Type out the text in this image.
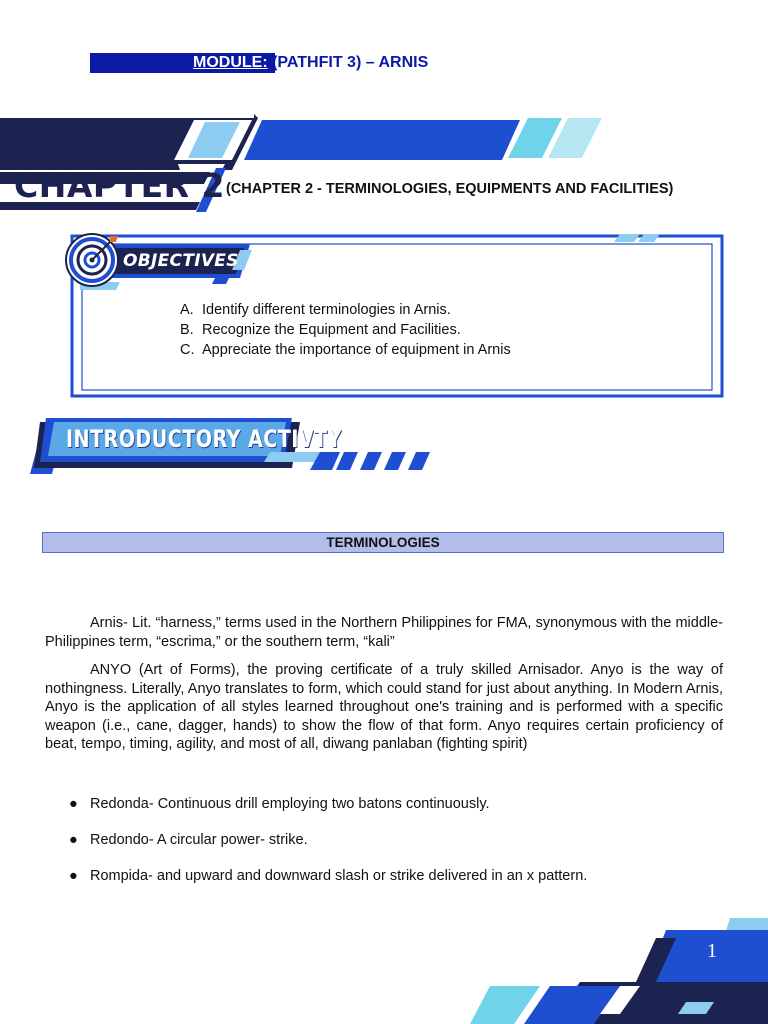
MODULE: (PATHFIT 3) – ARNIS
CHAPTER 2 (CHAPTER 2 - TERMINOLOGIES, EQUIPMENTS AND FACILITIES)
OBJECTIVES
A. Identify different terminologies in Arnis.
B. Recognize the Equipment and Facilities.
C. Appreciate the importance of equipment in Arnis
INTRODUCTORY ACTIVTY
TERMINOLOGIES

Arnis- Lit. “harness,” terms used in the Northern Philippines for FMA, synonymous with the middle- Philippines term, “escrima,” or the southern term, “kali”

ANYO (Art of Forms), the proving certificate of a truly skilled Arnisador. Anyo is the way of nothingness. Literally, Anyo translates to form, which could stand for just about anything. In Modern Arnis, Anyo is the application of all styles learned throughout one's training and is performed with a specific weapon (i.e., cane, dagger, hands) to show the flow of that form. Anyo requires certain proficiency of beat, tempo, timing, agility, and most of all, diwang panlaban (fighting spirit)

● Redonda- Continuous drill employing two batons continuously.
● Redondo- A circular power- strike.
● Rompida- and upward and downward slash or strike delivered in an x pattern.
1
